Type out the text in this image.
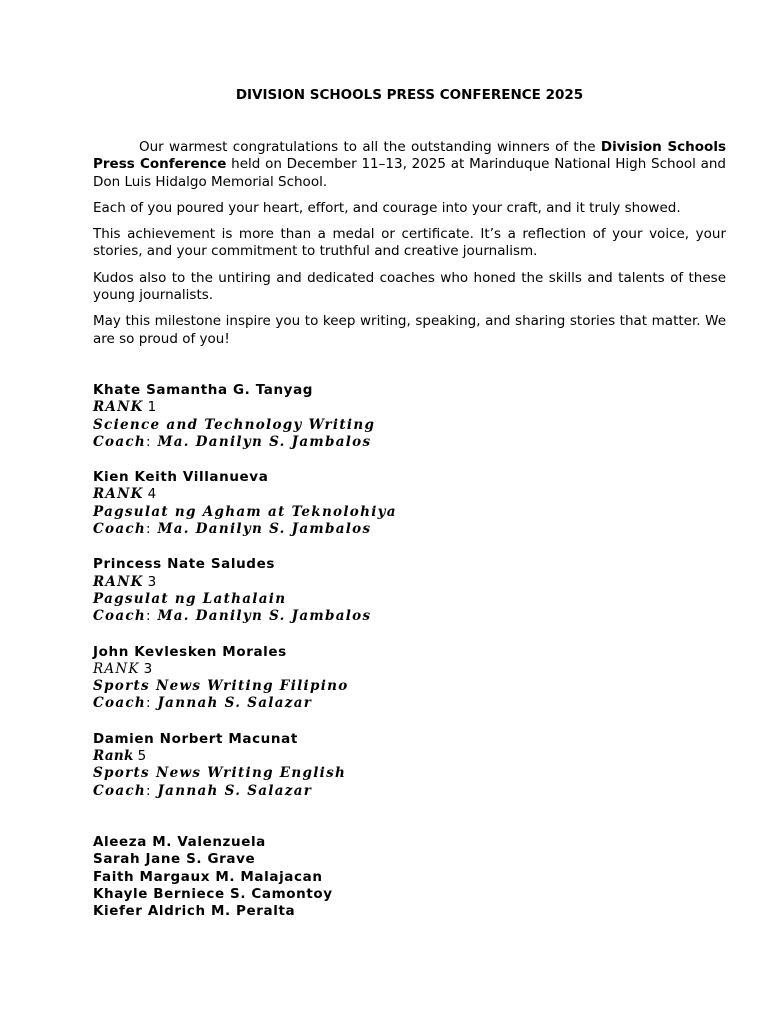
DIVISION SCHOOLS PRESS CONFERENCE 2025

Our warmest congratulations to all the outstanding winners of the Division Schools Press Conference held on December 11–13, 2025 at Marinduque National High School and Don Luis Hidalgo Memorial School.

Each of you poured your heart, effort, and courage into your craft, and it truly showed.

This achievement is more than a medal or certificate. It’s a reflection of your voice, your stories, and your commitment to truthful and creative journalism.

Kudos also to the untiring and dedicated coaches who honed the skills and talents of these young journalists.

May this milestone inspire you to keep writing, speaking, and sharing stories that matter. We are so proud of you!

Khate Samantha G. Tanyag
RANK 1
Science and Technology Writing
Coach: Ma. Danilyn S. Jambalos
Kien Keith Villanueva
RANK 4
Pagsulat ng Agham at Teknolohiya
Coach: Ma. Danilyn S. Jambalos
Princess Nate Saludes
RANK 3
Pagsulat ng Lathalain
Coach: Ma. Danilyn S. Jambalos
John Kevlesken Morales
RANK 3
Sports News Writing Filipino
Coach: Jannah S. Salazar
Damien Norbert Macunat
Rank 5
Sports News Writing English
Coach: Jannah S. Salazar
Aleeza M. Valenzuela
Sarah Jane S. Grave
Faith Margaux M. Malajacan
Khayle Berniece S. Camontoy
Kiefer Aldrich M. Peralta
